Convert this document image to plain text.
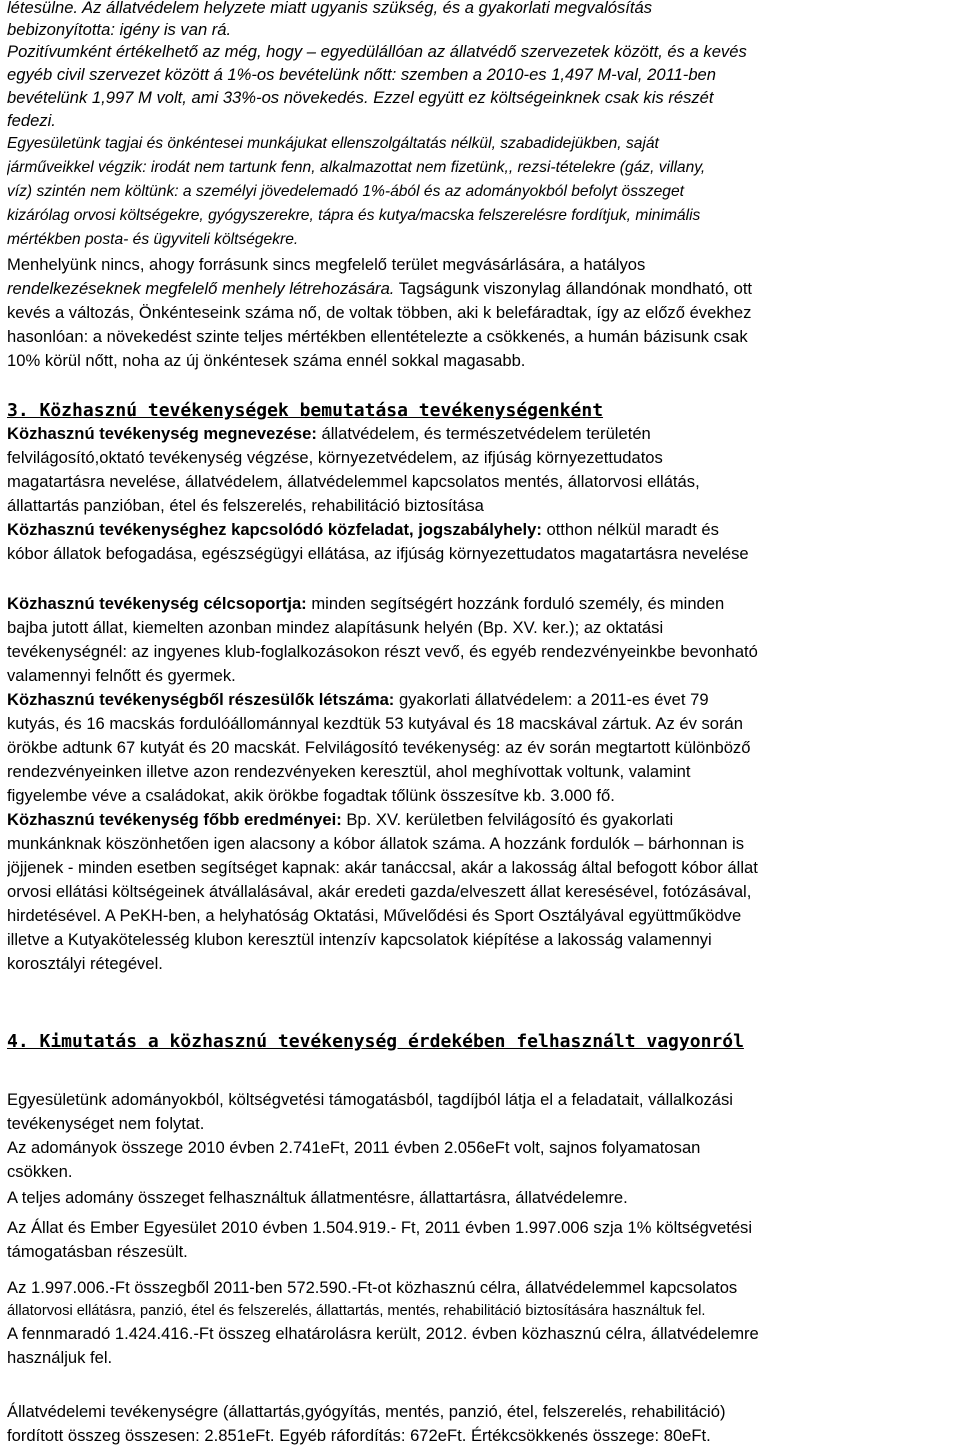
létesülne. Az állatvédelem helyzete miatt ugyanis szükség, és a gyakorlati megvalósítás
bebizonyította: igény is van rá.
Pozitívumként értékelhető az még, hogy – egyedülállóan az állatvédő szervezetek között, és a kevés
egyéb civil szervezet között á 1%-os bevételünk nőtt: szemben a 2010-es 1,497 M-val, 2011-ben
bevételünk 1,997 M volt, ami 33%-os növekedés. Ezzel együtt ez költségeinknek csak kis részét
fedezi.
Egyesületünk tagjai és önkéntesei munkájukat ellenszolgáltatás nélkül, szabadidejükben, saját
járműveikkel végzik: irodát nem tartunk fenn, alkalmazottat nem fizetünk,, rezsi-tételekre (gáz, villany,
víz) szintén nem költünk: a személyi jövedelemadó 1%-ából és az adományokból befolyt összeget
kizárólag orvosi költségekre, gyógyszerekre, tápra és kutya/macska felszerelésre fordítjuk, minimális
mértékben posta- és ügyviteli költségekre.
Menhelyünk nincs, ahogy forrásunk sincs megfelelő terület megvásárlására, a hatályos
rendelkezéseknek megfelelő menhely létrehozására. Tagságunk viszonylag állandónak mondható, ott
kevés a változás, Önkénteseink száma nő, de voltak többen, aki k belefáradtak, így az előző évekhez
hasonlóan: a növekedést szinte teljes mértékben ellentételezte a csökkenés, a humán bázisunk csak
10% körül nőtt, noha az új önkéntesek száma ennél sokkal magasabb.
3. Közhasznú tevékenységek bemutatása tevékenységenként
Közhasznú tevékenység megnevezése: állatvédelem, és természetvédelem területén
felvilágosító,oktató tevékenység végzése, környezetvédelem, az ifjúság környezettudatos
magatartásra nevelése, állatvédelem, állatvédelemmel kapcsolatos mentés, állatorvosi ellátás,
állattartás panzióban, étel és felszerelés, rehabilitáció biztosítása
Közhasznú tevékenységhez kapcsolódó közfeladat, jogszabályhely: otthon nélkül maradt és
kóbor állatok befogadása, egészségügyi ellátása, az ifjúság környezettudatos magatartásra nevelése
Közhasznú tevékenység célcsoportja: minden segítségért hozzánk forduló személy, és minden
bajba jutott állat, kiemelten azonban mindez alapításunk helyén (Bp. XV. ker.); az oktatási
tevékenységnél: az ingyenes klub-foglalkozásokon részt vevő, és egyéb rendezvényeinkbe bevonható
valamennyi felnőtt és gyermek.
Közhasznú tevékenységből részesülők létszáma: gyakorlati állatvédelem: a 2011-es évet 79
kutyás, és 16 macskás fordulóállománnyal kezdtük 53 kutyával és 18 macskával zártuk. Az év során
örökbe adtunk 67 kutyát és 20 macskát. Felvilágosító tevékenység: az év során megtartott különböző
rendezvényeinken illetve azon rendezvényeken keresztül, ahol meghívottak voltunk, valamint
figyelembe véve a családokat, akik örökbe fogadtak tőlünk összesítve kb. 3.000 fő.
Közhasznú tevékenység főbb eredményei: Bp. XV. kerületben felvilágosító és gyakorlati
munkánknak köszönhetően igen alacsony a kóbor állatok száma. A hozzánk fordulók – bárhonnan is
jöjjenek - minden esetben segítséget kapnak: akár tanáccsal, akár a lakosság által befogott kóbor állat
orvosi ellátási költségeinek átvállalásával, akár eredeti gazda/elveszett állat keresésével, fotózásával,
hirdetésével. A PeKH-ben, a helyhatóság Oktatási, Művelődési és Sport Osztályával együttműködve
illetve a Kutyakötelesség klubon keresztül intenzív kapcsolatok kiépítése a lakosság valamennyi
korosztályi rétegével.
4. Kimutatás a közhasznú tevékenység érdekében felhasznált vagyonról
Egyesületünk adományokból, költségvetési támogatásból, tagdíjból látja el a feladatait, vállalkozási
tevékenységet nem folytat.
Az adományok összege 2010 évben 2.741eFt, 2011 évben 2.056eFt volt, sajnos folyamatosan
csökken.
A teljes adomány összeget felhasználtuk állatmentésre, állattartásra, állatvédelemre.
Az Állat és Ember Egyesület 2010 évben 1.504.919.- Ft, 2011 évben 1.997.006 szja 1% költségvetési
támogatásban részesült.
Az 1.997.006.-Ft összegből 2011-ben 572.590.-Ft-ot közhasznú célra, állatvédelemmel kapcsolatos
állatorvosi ellátásra, panzió, étel és felszerelés, állattartás, mentés, rehabilitáció biztosítására használtuk fel.
A fennmaradó 1.424.416.-Ft összeg elhatárolásra került, 2012. évben közhasznú célra, állatvédelemre
használjuk fel.
Állatvédelemi tevékenységre (állattartás,gyógyítás, mentés, panzió, étel, felszerelés, rehabilitáció)
fordított összeg összesen: 2.851eFt. Egyéb ráfordítás: 672eFt. Értékcsökkenés összege: 80eFt.
